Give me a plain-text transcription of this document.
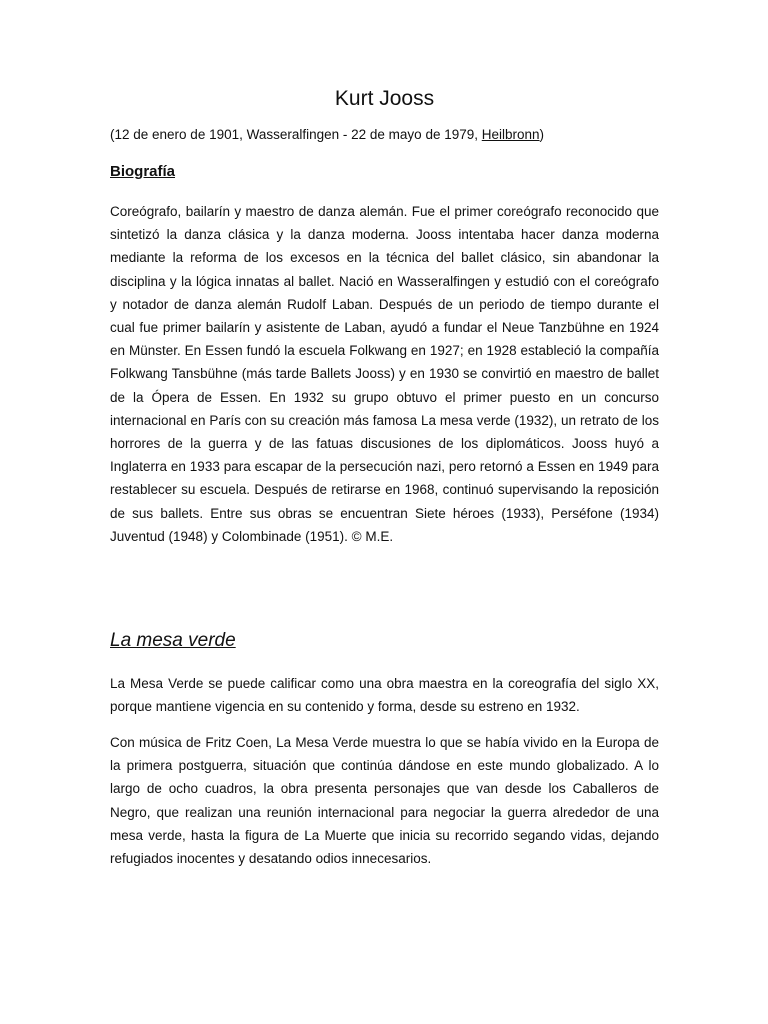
Kurt Jooss

(12 de enero de 1901, Wasseralfingen - 22 de mayo de 1979, Heilbronn)

Biografía

Coreógrafo, bailarín y maestro de danza alemán. Fue el primer coreógrafo reconocido que sintetizó la danza clásica y la danza moderna. Jooss intentaba hacer danza moderna mediante la reforma de los excesos en la técnica del ballet clásico, sin abandonar la disciplina y la lógica innatas al ballet. Nació en Wasseralfingen y estudió con el coreógrafo y notador de danza alemán Rudolf Laban. Después de un periodo de tiempo durante el cual fue primer bailarín y asistente de Laban, ayudó a fundar el Neue Tanzbühne en 1924 en Münster. En Essen fundó la escuela Folkwang en 1927; en 1928 estableció la compañía Folkwang Tansbühne (más tarde Ballets Jooss) y en 1930 se convirtió en maestro de ballet de la Ópera de Essen. En 1932 su grupo obtuvo el primer puesto en un concurso internacional en París con su creación más famosa La mesa verde (1932), un retrato de los horrores de la guerra y de las fatuas discusiones de los diplomáticos. Jooss huyó a Inglaterra en 1933 para escapar de la persecución nazi, pero retornó a Essen en 1949 para restablecer su escuela. Después de retirarse en 1968, continuó supervisando la reposición de sus ballets. Entre sus obras se encuentran Siete héroes (1933), Perséfone (1934) Juventud (1948) y Colombinade (1951). © M.E.

La mesa verde

La Mesa Verde se puede calificar como una obra maestra en la coreografía del siglo XX, porque mantiene vigencia en su contenido y forma, desde su estreno en 1932.

Con música de Fritz Coen, La Mesa Verde muestra lo que se había vivido en la Europa de la primera postguerra, situación que continúa dándose en este mundo globalizado. A lo largo de ocho cuadros, la obra presenta personajes que van desde los Caballeros de Negro, que realizan una reunión internacional para negociar la guerra alrededor de una mesa verde, hasta la figura de La Muerte que inicia su recorrido segando vidas, dejando refugiados inocentes y desatando odios innecesarios.
